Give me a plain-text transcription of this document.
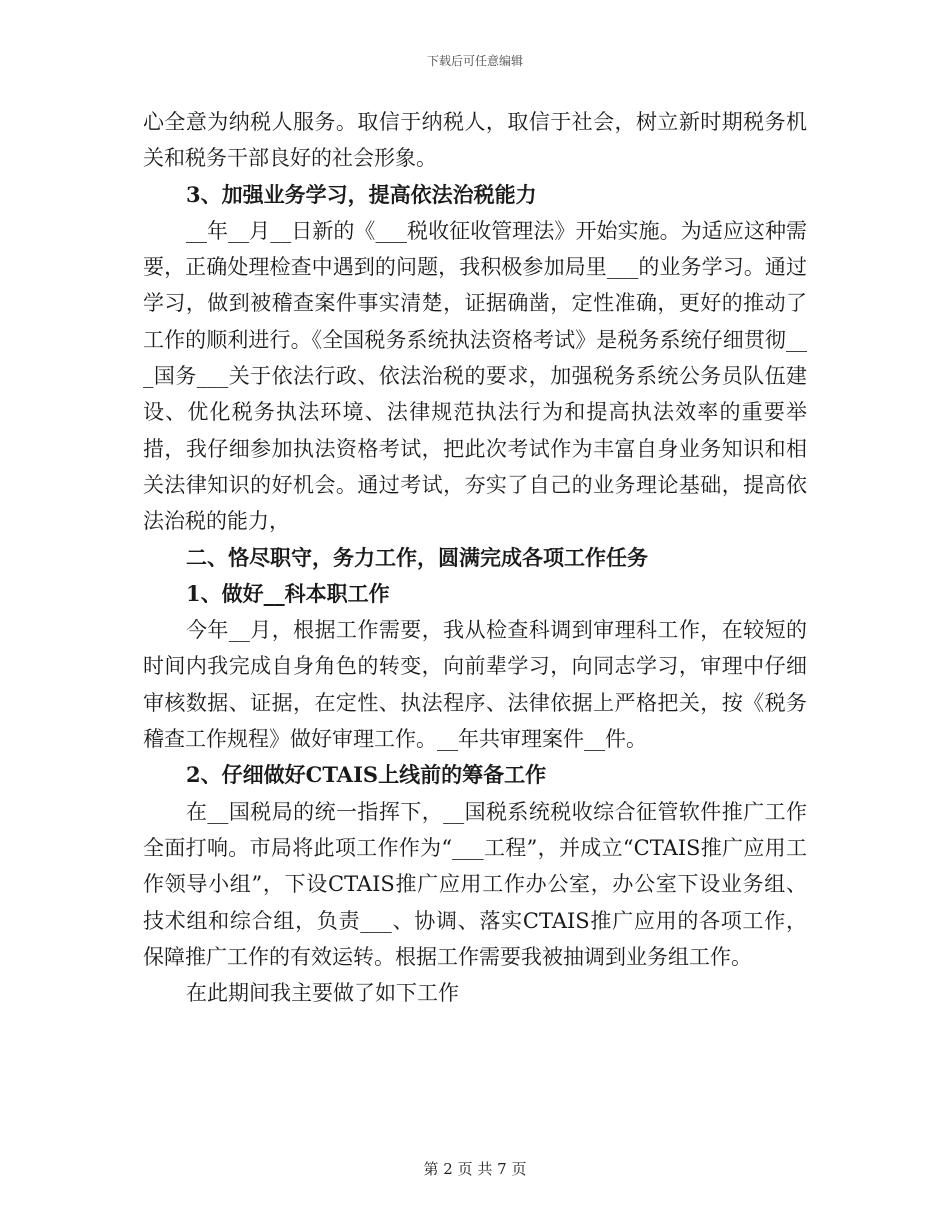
下载后可任意编辑

心全意为纳税人服务。取信于纳税人，取信于社会，树立新时期税务机关和税务干部良好的社会形象。

3、加强业务学习，提高依法治税能力

__年__月__日新的《___税收征收管理法》开始实施。为适应这种需要，正确处理检查中遇到的问题，我积极参加局里___的业务学习。通过学习，做到被稽查案件事实清楚，证据确凿，定性准确，更好的推动了工作的顺利进行。《全国税务系统执法资格考试》是税务系统仔细贯彻___国务___关于依法行政、依法治税的要求，加强税务系统公务员队伍建设、优化税务执法环境、法律规范执法行为和提高执法效率的重要举措，我仔细参加执法资格考试，把此次考试作为丰富自身业务知识和相关法律知识的好机会。通过考试，夯实了自己的业务理论基础，提高依法治税的能力，

二、恪尽职守，务力工作，圆满完成各项工作任务

1、做好__科本职工作

今年__月，根据工作需要，我从检查科调到审理科工作，在较短的时间内我完成自身角色的转变，向前辈学习，向同志学习，审理中仔细审核数据、证据，在定性、执法程序、法律依据上严格把关，按《税务稽查工作规程》做好审理工作。__年共审理案件__件。

2、仔细做好CTAIS上线前的筹备工作

在__国税局的统一指挥下，__国税系统税收综合征管软件推广工作全面打响。市局将此项工作作为“___工程”，并成立“CTAIS推广应用工作领导小组”，下设CTAIS推广应用工作办公室，办公室下设业务组、技术组和综合组，负责___、协调、落实CTAIS推广应用的各项工作，保障推广工作的有效运转。根据工作需要我被抽调到业务组工作。

在此期间我主要做了如下工作

第 2 页 共 7 页
